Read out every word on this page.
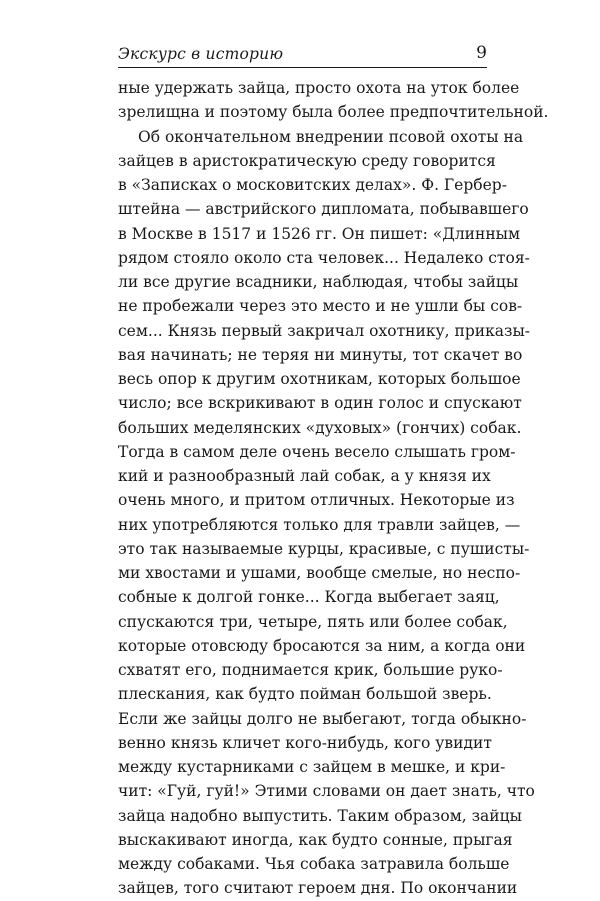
Экскурс в историю	9
ные удержать зайца, просто охота на уток более
зрелищна и поэтому была более предпочтительной.
Об окончательном внедрении псовой охоты на
зайцев в аристократическую среду говорится
в «Записках о московитских делах». Ф. Гербер-
штейна — австрийского дипломата, побывавшего
в Москве в 1517 и 1526 гг. Он пишет: «Длинным
рядом стояло около ста человек... Недалеко стоя-
ли все другие всадники, наблюдая, чтобы зайцы
не пробежали через это место и не ушли бы сов-
сем... Князь первый закричал охотнику, приказы-
вая начинать; не теряя ни минуты, тот скачет во
весь опор к другим охотникам, которых большое
число; все вскрикивают в один голос и спускают
больших меделянских «духовых» (гончих) собак.
Тогда в самом деле очень весело слышать гром-
кий и разнообразный лай собак, а у князя их
очень много, и притом отличных. Некоторые из
них употребляются только для травли зайцев, —
это так называемые курцы, красивые, с пушисты-
ми хвостами и ушами, вообще смелые, но неспо-
собные к долгой гонке... Когда выбегает заяц,
спускаются три, четыре, пять или более собак,
которые отовсюду бросаются за ним, а когда они
схватят его, поднимается крик, большие руко-
плескания, как будто пойман большой зверь.
Если же зайцы долго не выбегают, тогда обыкно-
венно князь кличет кого-нибудь, кого увидит
между кустарниками с зайцем в мешке, и кри-
чит: «Гуй, гуй!» Этими словами он дает знать, что
зайца надобно выпустить. Таким образом, зайцы
выскакивают иногда, как будто сонные, прыгая
между собаками. Чья собака затравила больше
зайцев, того считают героем дня. По окончании
